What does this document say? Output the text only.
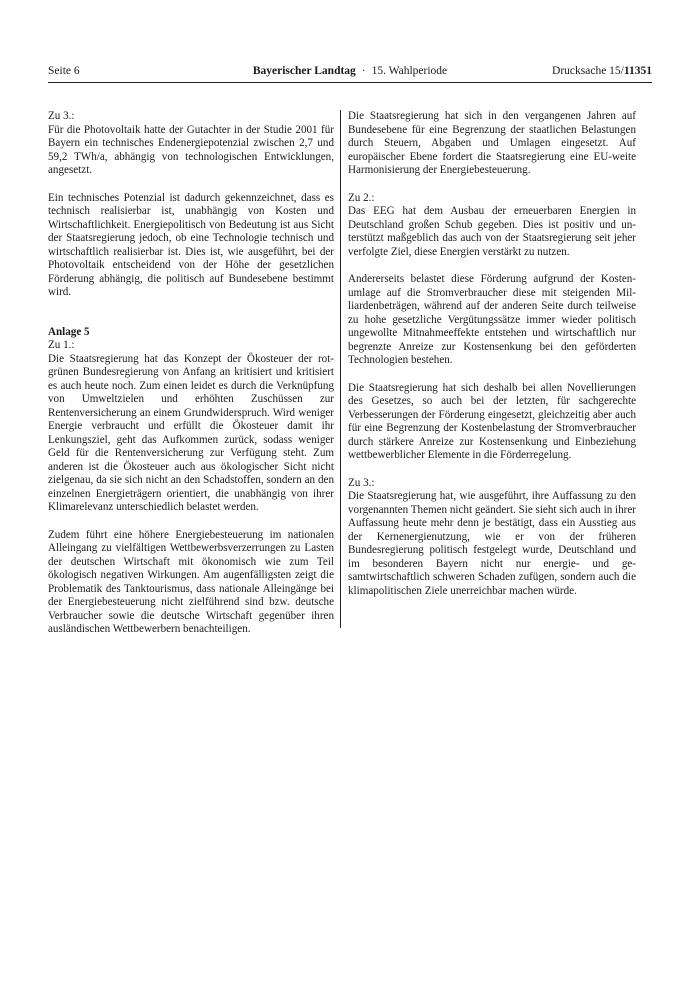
Seite 6	Bayerischer Landtag · 15. Wahlperiode	Drucksache 15/11351

Zu 3.:

Für die Photovoltaik hatte der Gutachter in der Studie 2001 für Bayern ein technisches Endenergiepotenzial zwischen 2,7 und 59,2 TWh/a, abhängig von technologischen Entwicklungen, angesetzt.

Ein technisches Potenzial ist dadurch gekennzeichnet, dass es technisch realisierbar ist, unabhängig von Kosten und Wirtschaftlichkeit. Energiepolitisch von Bedeutung ist aus Sicht der Staatsregierung jedoch, ob eine Technologie technisch und wirtschaftlich realisierbar ist. Dies ist, wie ausgeführt, bei der Photovoltaik entscheidend von der Höhe der gesetzlichen Förderung abhängig, die politisch auf Bundesebene bestimmt wird.

Anlage 5

Zu 1.:

Die Staatsregierung hat das Konzept der Ökosteuer der rotgrünen Bundesregierung von Anfang an kritisiert und kritisiert es auch heute noch. Zum einen leidet es durch die Verknüpfung von Umweltzielen und erhöhten Zuschüssen zur Rentenversicherung an einem Grundwiderspruch. Wird weniger Energie verbraucht und erfüllt die Ökosteuer damit ihr Lenkungsziel, geht das Aufkommen zurück, sodass weniger Geld für die Rentenversicherung zur Verfügung steht. Zum anderen ist die Ökosteuer auch aus ökologischer Sicht nicht zielgenau, da sie sich nicht an den Schadstoffen, sondern an den einzelnen Energieträgern orientiert, die unabhängig von ihrer Klimarelevanz unterschiedlich belastet werden.

Zudem führt eine höhere Energiebesteuerung im nationalen Alleingang zu vielfältigen Wettbewerbsverzerrungen zu Lasten der deutschen Wirtschaft mit ökonomisch wie zum Teil ökologisch negativen Wirkungen. Am augenfälligsten zeigt die Problematik des Tanktourismus, dass nationale Alleingänge bei der Energiebesteuerung nicht zielführend sind bzw. deutsche Verbraucher sowie die deutsche Wirtschaft gegenüber ihren ausländischen Wettbewerbern benachteiligen.

Die Staatsregierung hat sich in den vergangenen Jahren auf Bundesebene für eine Begrenzung der staatlichen Belastungen durch Steuern, Abgaben und Umlagen eingesetzt. Auf europäischer Ebene fordert die Staatsregierung eine EU-weite Harmonisierung der Energiebesteuerung.

Zu 2.:

Das EEG hat dem Ausbau der erneuerbaren Energien in Deutschland großen Schub gegeben. Dies ist positiv und unterstützt maßgeblich das auch von der Staatsregierung seit jeher verfolgte Ziel, diese Energien verstärkt zu nutzen.

Andererseits belastet diese Förderung aufgrund der Kostenumlage auf die Stromverbraucher diese mit steigenden Milliardenbeträgen, während auf der anderen Seite durch teilweise zu hohe gesetzliche Vergütungssätze immer wieder politisch ungewollte Mitnahmeeffekte entstehen und wirtschaftlich nur begrenzte Anreize zur Kostensenkung bei den geförderten Technologien bestehen.

Die Staatsregierung hat sich deshalb bei allen Novellierungen des Gesetzes, so auch bei der letzten, für sachgerechte Verbesserungen der Förderung eingesetzt, gleichzeitig aber auch für eine Begrenzung der Kostenbelastung der Stromverbraucher durch stärkere Anreize zur Kostensenkung und Einbeziehung wettbewerblicher Elemente in die Förderregelung.

Zu 3.:

Die Staatsregierung hat, wie ausgeführt, ihre Auffassung zu den vorgenannten Themen nicht geändert. Sie sieht sich auch in ihrer Auffassung heute mehr denn je bestätigt, dass ein Ausstieg aus der Kernenergienutzung, wie er von der früheren Bundesregierung politisch festgelegt wurde, Deutschland und im besonderen Bayern nicht nur energie- und gesamtwirtschaftlich schweren Schaden zufügen, sondern auch die klimapolitischen Ziele unerreichbar machen würde.
